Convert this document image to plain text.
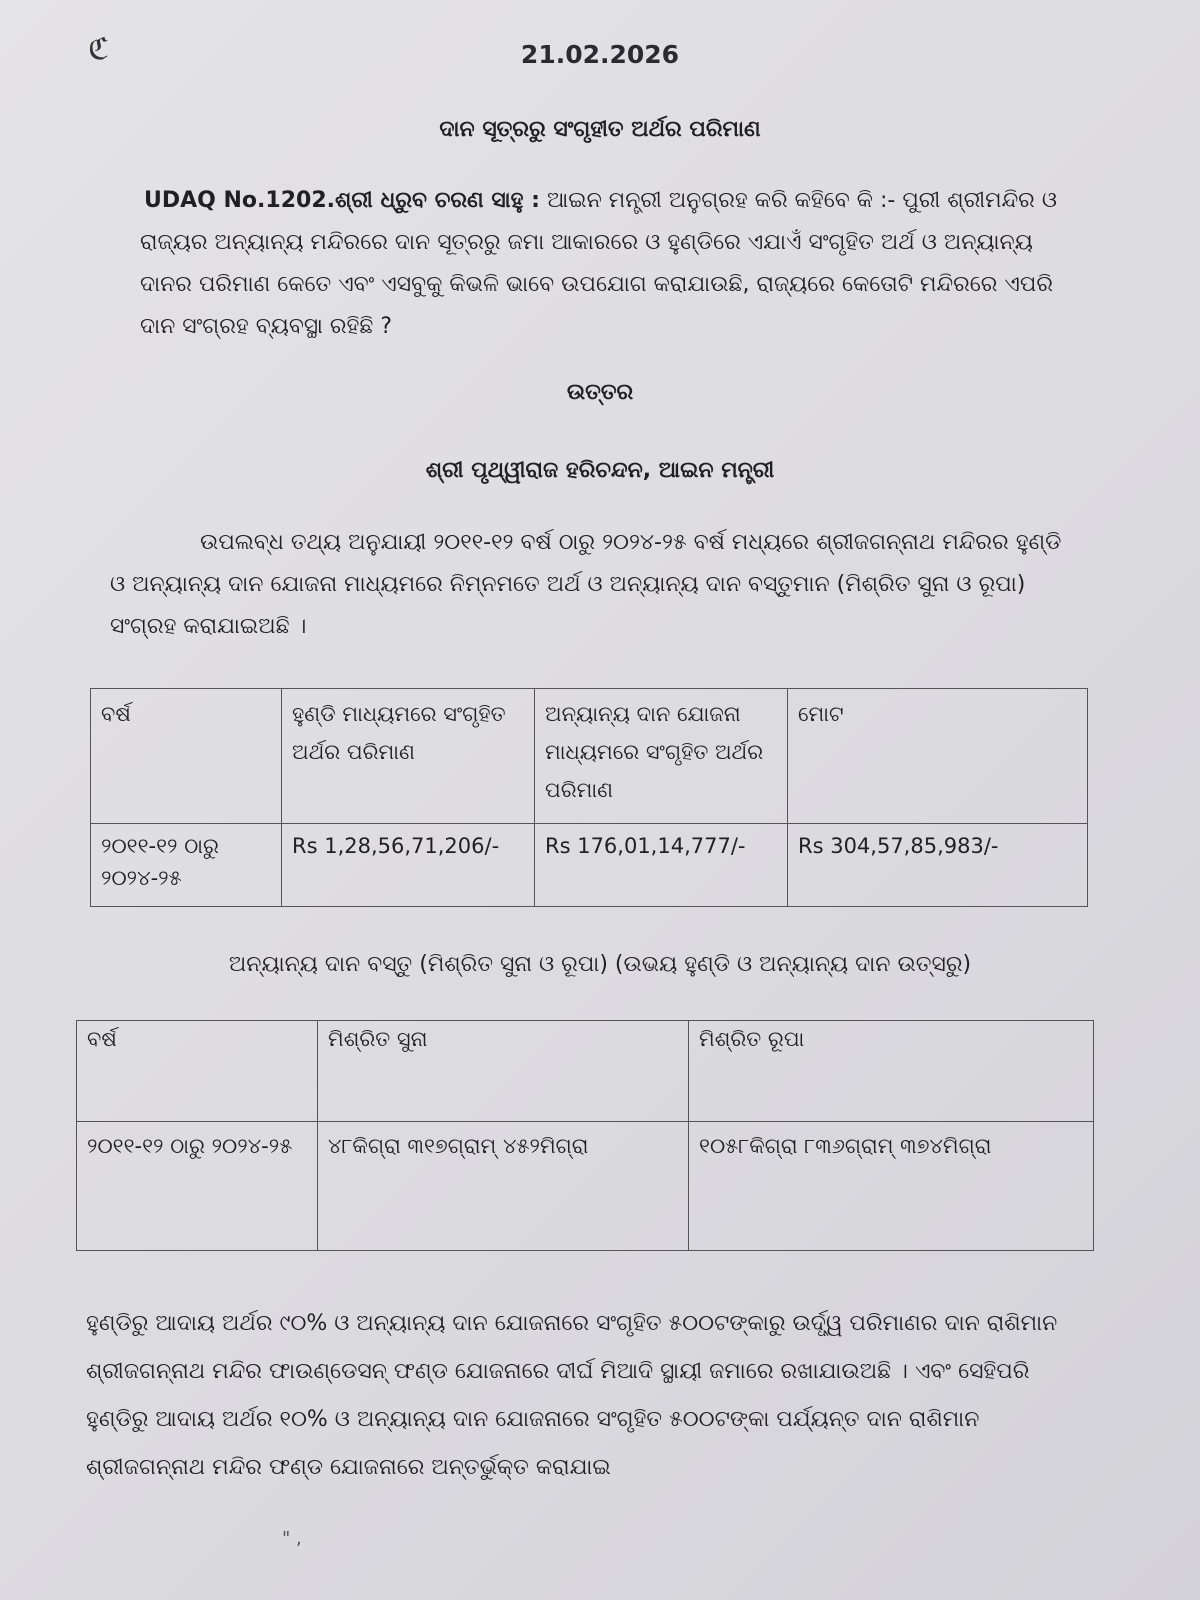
ℭ	21.02.2026
ଦାନ ସୂତ୍ରରୁ ସଂଗୃହୀତ ଅର୍ଥର ପରିମାଣ
UDAQ No.1202.ଶ୍ରୀ ଧ୍ରୁବ ଚରଣ ସାହୁ : ଆଇନ ମନ୍ତ୍ରୀ ଅନୁଗ୍ରହ କରି କହିବେ କି :- ପୁରୀ ଶ୍ରୀମନ୍ଦିର ଓ ରାଜ୍ୟର ଅନ୍ୟାନ୍ୟ ମନ୍ଦିରରେ ଦାନ ସୂତ୍ରରୁ ଜମା ଆକାରରେ ଓ ହୁଣ୍ଡିରେ ଏଯାଏଁ ସଂଗୃହିତ ଅର୍ଥ ଓ ଅନ୍ୟାନ୍ୟ ଦାନର ପରିମାଣ କେତେ ଏବଂ ଏସବୁକୁ କିଭଳି ଭାବେ ଉପଯୋଗ କରାଯାଉଛି, ରାଜ୍ୟରେ କେତୋଟି ମନ୍ଦିରରେ ଏପରି ଦାନ ସଂଗ୍ରହ ବ୍ୟବସ୍ଥା ରହିଛି ?
ଉତ୍ତର
ଶ୍ରୀ ପୃଥ୍ୱୀରାଜ ହରିଚନ୍ଦନ, ଆଇନ ମନ୍ତ୍ରୀ
ଉପଲବ୍ଧ ତଥ୍ୟ ଅନୁଯାୟୀ ୨୦୧୧-୧୨ ବର୍ଷ ଠାରୁ ୨୦୨୪-୨୫ ବର୍ଷ ମଧ୍ୟରେ ଶ୍ରୀଜଗନ୍ନାଥ ମନ୍ଦିରର ହୁଣ୍ଡି ଓ ଅନ୍ୟାନ୍ୟ ଦାନ ଯୋଜନା ମାଧ୍ୟମରେ ନିମ୍ନମତେ ଅର୍ଥ ଓ ଅନ୍ୟାନ୍ୟ ଦାନ ବସ୍ତୁମାନ (ମିଶ୍ରିତ ସୁନା ଓ ରୂପା) ସଂଗ୍ରହ କରାଯାଇଅଛି ।
ବର୍ଷ	ହୁଣ୍ଡି ମାଧ୍ୟମରେ ସଂଗୃହିତ ଅର୍ଥର ପରିମାଣ	ଅନ୍ୟାନ୍ୟ ଦାନ ଯୋଜନା ମାଧ୍ୟମରେ ସଂଗୃହିତ ଅର୍ଥର ପରିମାଣ	ମୋଟ
୨୦୧୧-୧୨ ଠାରୁ ୨୦୨୪-୨୫	Rs 1,28,56,71,206/-	Rs 176,01,14,777/-	Rs 304,57,85,983/-
ଅନ୍ୟାନ୍ୟ ଦାନ ବସ୍ତୁ (ମିଶ୍ରିତ ସୁନା ଓ ରୂପା) (ଉଭୟ ହୁଣ୍ଡି ଓ ଅନ୍ୟାନ୍ୟ ଦାନ ଉତ୍ସରୁ)
ବର୍ଷ	ମିଶ୍ରିତ ସୁନା	ମିଶ୍ରିତ ରୂପା
୨୦୧୧-୧୨ ଠାରୁ ୨୦୨୪-୨୫	୪୮କିଗ୍ରା ୩୧୭ଗ୍ରାମ୍ ୪୫୨ମିଗ୍ରା	୧୦୫୮କିଗ୍ରା ୮୩୬ଗ୍ରାମ୍ ୩୭୪ମିଗ୍ରା
ହୁଣ୍ଡିରୁ ଆଦାୟ ଅର୍ଥର ୯୦% ଓ ଅନ୍ୟାନ୍ୟ ଦାନ ଯୋଜନାରେ ସଂଗୃହିତ ୫୦୦ଟଙ୍କାରୁ ଉର୍ଦ୍ଧ୍ୱ ପରିମାଣର ଦାନ ରାଶିମାନ ଶ୍ରୀଜଗନ୍ନାଥ ମନ୍ଦିର ଫାଉଣ୍ଡେସନ୍ ଫଣ୍ଡ ଯୋଜନାରେ ଦୀର୍ଘ ମିଆଦି ସ୍ଥାୟୀ ଜମାରେ ରଖାଯାଉଅଛି । ଏବଂ ସେହିପରି ହୁଣ୍ଡିରୁ ଆଦାୟ ଅର୍ଥର ୧୦% ଓ ଅନ୍ୟାନ୍ୟ ଦାନ ଯୋଜନାରେ ସଂଗୃହିତ ୫୦୦ଟଙ୍କା ପର୍ଯ୍ୟନ୍ତ ଦାନ ରାଶିମାନ ଶ୍ରୀଜଗନ୍ନାଥ ମନ୍ଦିର ଫଣ୍ଡ ଯୋଜନାରେ ଅନ୍ତର୍ଭୁକ୍ତ କରାଯାଇ
" ,
